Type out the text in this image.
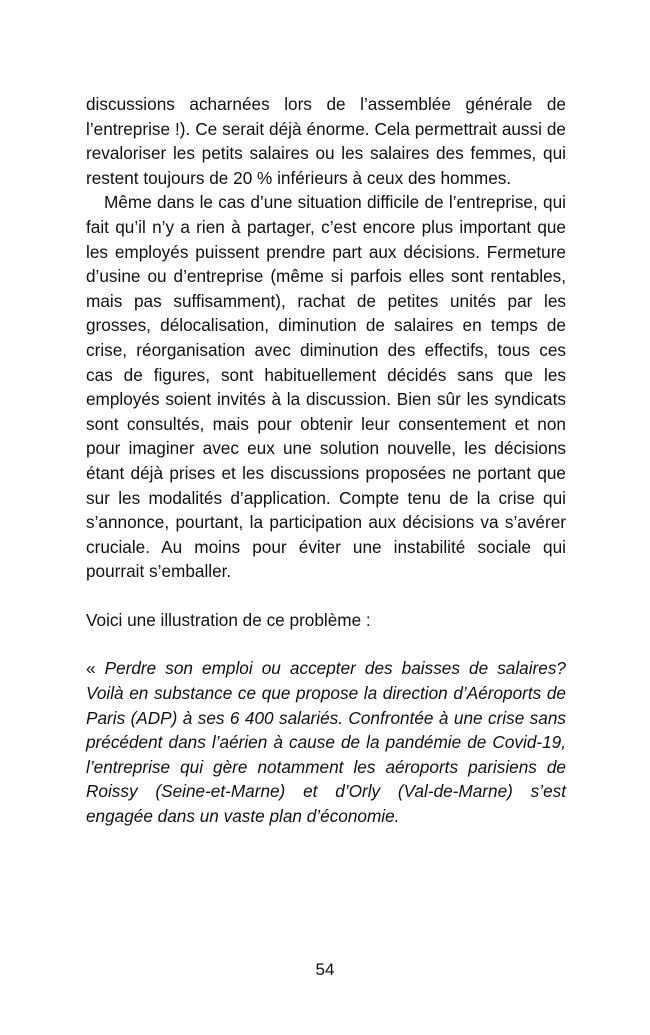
discussions acharnées lors de l’assemblée générale de l’entreprise !). Ce serait déjà énorme. Cela permettrait aussi de revaloriser les petits salaires ou les salaires des femmes, qui restent toujours de 20 % inférieurs à ceux des hommes.

Même dans le cas d’une situation difficile de l’entreprise, qui fait qu’il n’y a rien à partager, c’est encore plus important que les employés puissent prendre part aux décisions. Fermeture d’usine ou d’entreprise (même si parfois elles sont rentables, mais pas suffisamment), rachat de petites unités par les grosses, délocalisation, diminution de salaires en temps de crise, réorganisation avec diminution des effectifs, tous ces cas de figures, sont habituellement décidés sans que les employés soient invités à la discussion. Bien sûr les syndicats sont consultés, mais pour obtenir leur consentement et non pour imaginer avec eux une solution nouvelle, les décisions étant déjà prises et les discussions proposées ne portant que sur les modalités d’application. Compte tenu de la crise qui s’annonce, pourtant, la participation aux décisions va s’avérer cruciale. Au moins pour éviter une instabilité sociale qui pourrait s’emballer.

Voici une illustration de ce problème :

« Perdre son emploi ou accepter des baisses de salaires? Voilà en substance ce que propose la direction d’Aéroports de Paris (ADP) à ses 6 400 salariés. Confrontée à une crise sans précédent dans l’aérien à cause de la pandémie de Covid-19, l’entreprise qui gère notamment les aéroports parisiens de Roissy (Seine-et-Marne) et d’Orly (Val-de-Marne) s’est engagée dans un vaste plan d’économie.

54
